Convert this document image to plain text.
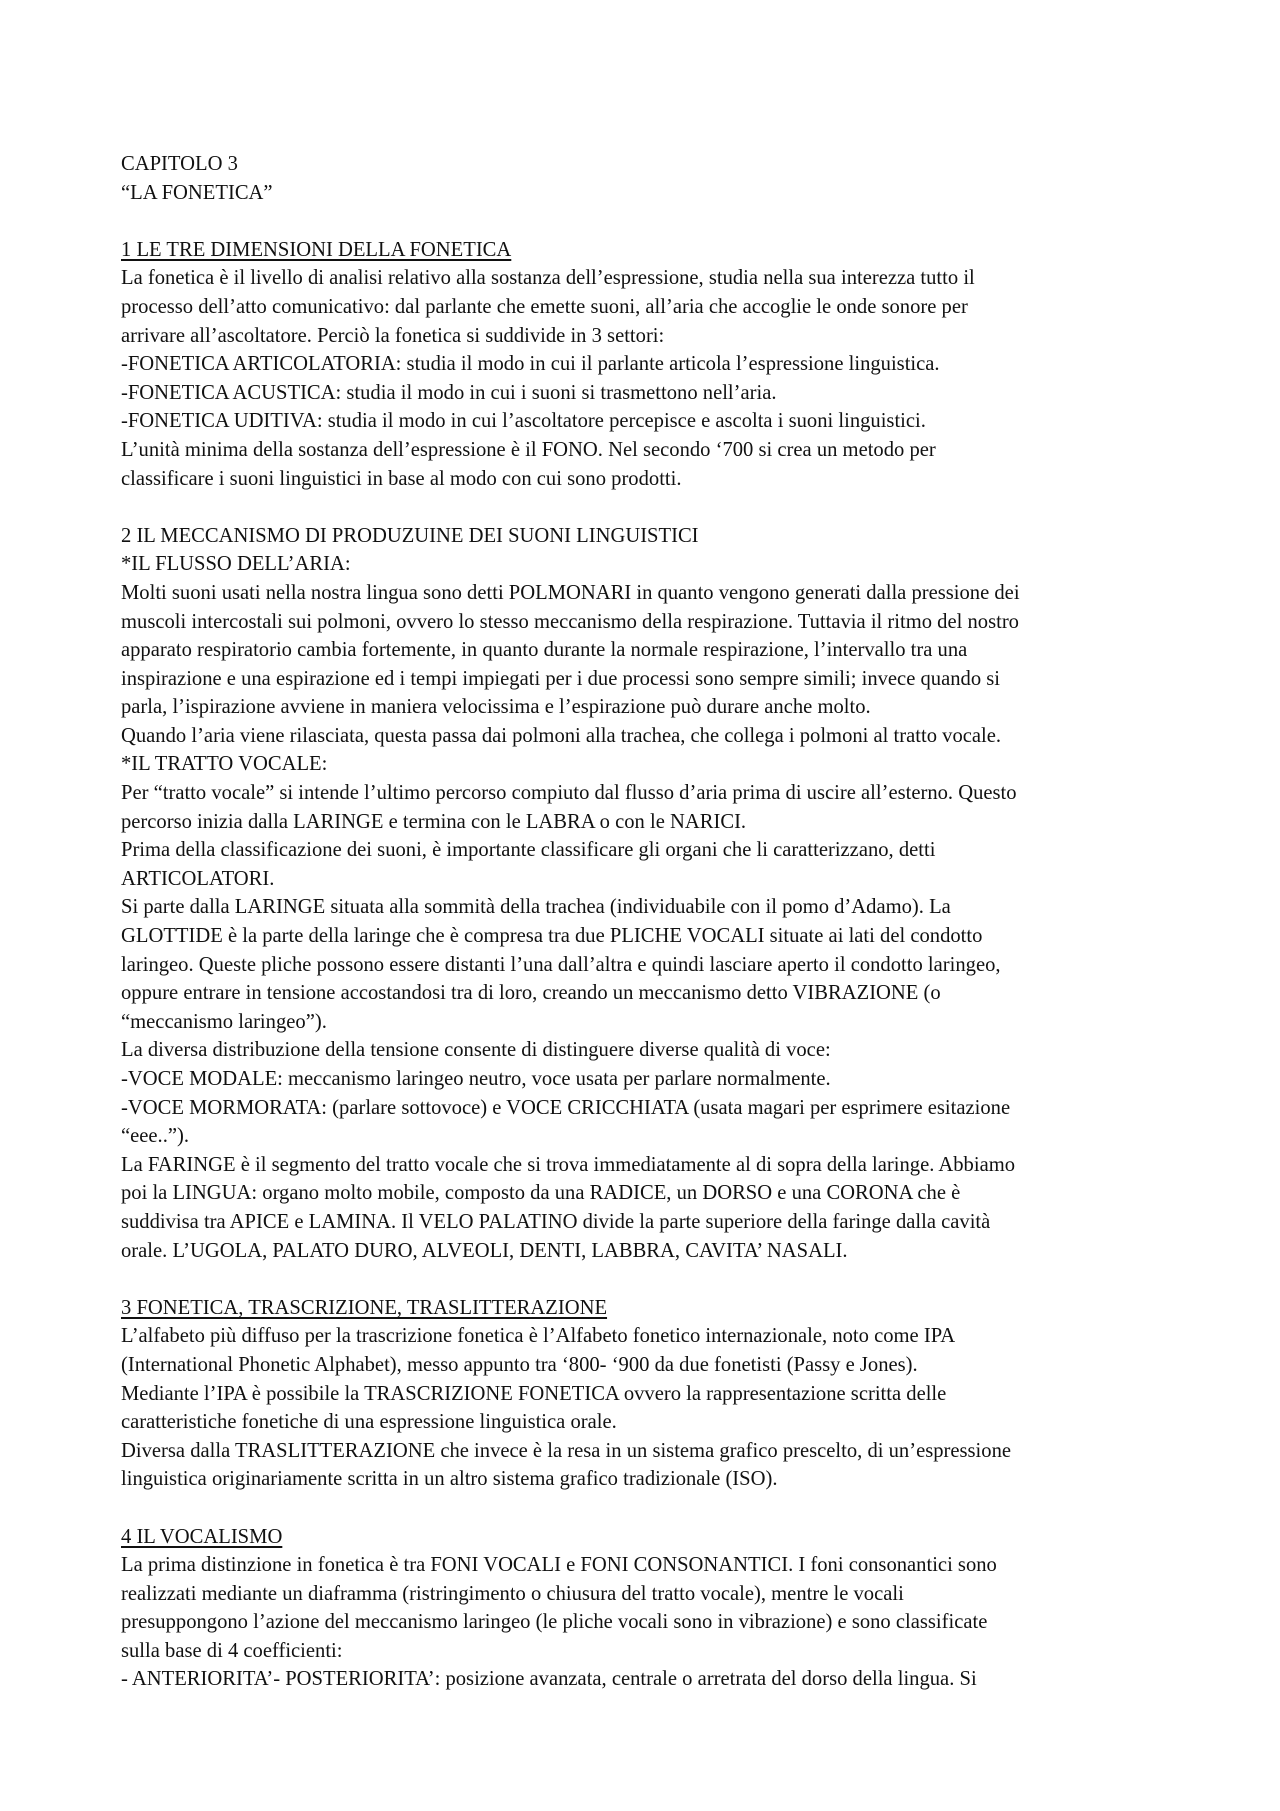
CAPITOLO 3
“LA FONETICA”
1 LE TRE DIMENSIONI DELLA FONETICA
La fonetica è il livello di analisi relativo alla sostanza dell’espressione, studia nella sua interezza tutto il
processo dell’atto comunicativo: dal parlante che emette suoni, all’aria che accoglie le onde sonore per
arrivare all’ascoltatore. Perciò la fonetica si suddivide in 3 settori:
-FONETICA ARTICOLATORIA: studia il modo in cui il parlante articola l’espressione linguistica.
-FONETICA ACUSTICA: studia il modo in cui i suoni si trasmettono nell’aria.
-FONETICA UDITIVA: studia il modo in cui l’ascoltatore percepisce e ascolta i suoni linguistici.
L’unità minima della sostanza dell’espressione è il FONO. Nel secondo ‘700 si crea un metodo per
classificare i suoni linguistici in base al modo con cui sono prodotti.
2 IL MECCANISMO DI PRODUZUINE DEI SUONI LINGUISTICI
*IL FLUSSO DELL’ARIA:
Molti suoni usati nella nostra lingua sono detti POLMONARI in quanto vengono generati dalla pressione dei
muscoli intercostali sui polmoni, ovvero lo stesso meccanismo della respirazione. Tuttavia il ritmo del nostro
apparato respiratorio cambia fortemente, in quanto durante la normale respirazione, l’intervallo tra una
inspirazione e una espirazione ed i tempi impiegati per i due processi sono sempre simili; invece quando si
parla, l’ispirazione avviene in maniera velocissima e l’espirazione può durare anche molto.
Quando l’aria viene rilasciata, questa passa dai polmoni alla trachea, che collega i polmoni al tratto vocale.
*IL TRATTO VOCALE:
Per “tratto vocale” si intende l’ultimo percorso compiuto dal flusso d’aria prima di uscire all’esterno. Questo
percorso inizia dalla LARINGE e termina con le LABRA o con le NARICI.
Prima della classificazione dei suoni, è importante classificare gli organi che li caratterizzano, detti
ARTICOLATORI.
Si parte dalla LARINGE situata alla sommità della trachea (individuabile con il pomo d’Adamo). La
GLOTTIDE è la parte della laringe che è compresa tra due PLICHE VOCALI situate ai lati del condotto
laringeo. Queste pliche possono essere distanti l’una dall’altra e quindi lasciare aperto il condotto laringeo,
oppure entrare in tensione accostandosi tra di loro, creando un meccanismo detto VIBRAZIONE (o
“meccanismo laringeo”).
La diversa distribuzione della tensione consente di distinguere diverse qualità di voce:
-VOCE MODALE: meccanismo laringeo neutro, voce usata per parlare normalmente.
-VOCE MORMORATA: (parlare sottovoce) e VOCE CRICCHIATA (usata magari per esprimere esitazione
“eee..”).
La FARINGE è il segmento del tratto vocale che si trova immediatamente al di sopra della laringe. Abbiamo
poi la LINGUA: organo molto mobile, composto da una RADICE, un DORSO e una CORONA che è
suddivisa tra APICE e LAMINA. Il VELO PALATINO divide la parte superiore della faringe dalla cavità
orale. L’UGOLA, PALATO DURO, ALVEOLI, DENTI, LABBRA, CAVITA’ NASALI.
3 FONETICA, TRASCRIZIONE, TRASLITTERAZIONE
L’alfabeto più diffuso per la trascrizione fonetica è l’Alfabeto fonetico internazionale, noto come IPA
(International Phonetic Alphabet), messo appunto tra ‘800- ‘900 da due fonetisti (Passy e Jones).
Mediante l’IPA è possibile la TRASCRIZIONE FONETICA ovvero la rappresentazione scritta delle
caratteristiche fonetiche di una espressione linguistica orale.
Diversa dalla TRASLITTERAZIONE che invece è la resa in un sistema grafico prescelto, di un’espressione
linguistica originariamente scritta in un altro sistema grafico tradizionale (ISO).
4 IL VOCALISMO
La prima distinzione in fonetica è tra FONI VOCALI e FONI CONSONANTICI. I foni consonantici sono
realizzati mediante un diaframma (ristringimento o chiusura del tratto vocale), mentre le vocali
presuppongono l’azione del meccanismo laringeo (le pliche vocali sono in vibrazione) e sono classificate
sulla base di 4 coefficienti:
- ANTERIORITA’- POSTERIORITA’: posizione avanzata, centrale o arretrata del dorso della lingua. Si
